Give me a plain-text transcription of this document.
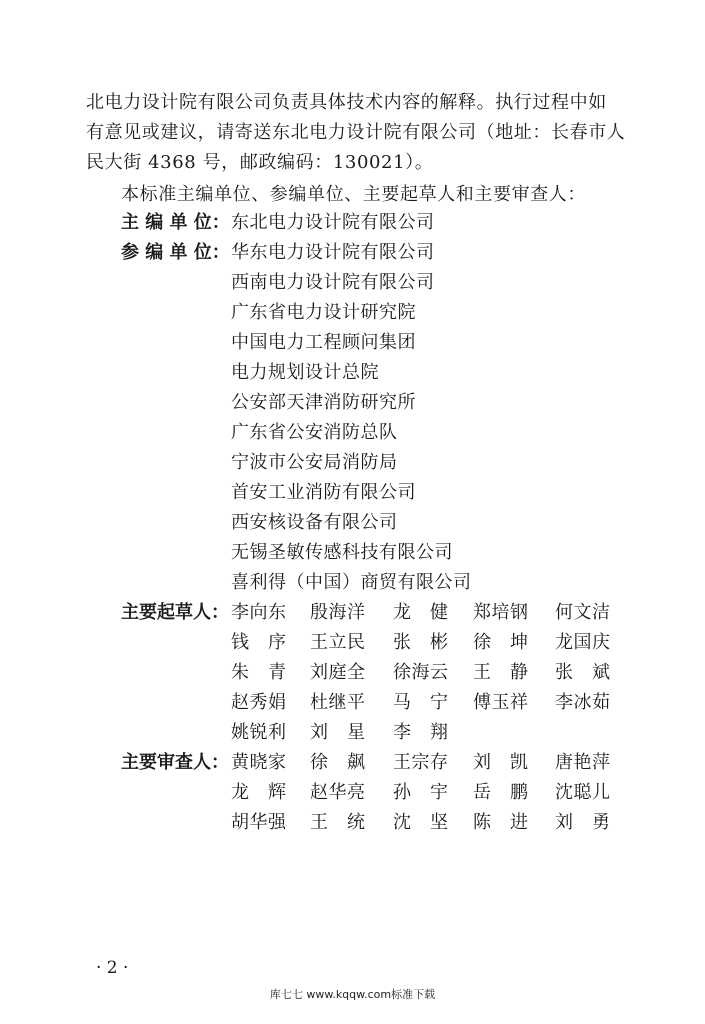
北电力设计院有限公司负责具体技术内容的解释。执行过程中如
有意见或建议，请寄送东北电力设计院有限公司（地址：长春市人
民大街 4368 号，邮政编码：130021）。
本标准主编单位、参编单位、主要起草人和主要审查人：
主 编 单 位： 东北电力设计院有限公司
参 编 单 位： 华东电力设计院有限公司
西南电力设计院有限公司
广东省电力设计研究院
中国电力工程顾问集团
电力规划设计总院
公安部天津消防研究所
广东省公安消防总队
宁波市公安局消防局
首安工业消防有限公司
西安核设备有限公司
无锡圣敏传感科技有限公司
喜利得（中国）商贸有限公司
主要起草人： 李向东 殷海洋 龙　健 郑培钢 何文洁
钱　序 王立民 张　彬 徐　坤 龙国庆
朱　青 刘庭全 徐海云 王　静 张　斌
赵秀娟 杜继平 马　宁 傅玉祥 李冰茹
姚锐利 刘　星 李　翔
主要审查人： 黄晓家 徐　飙 王宗存 刘　凯 唐艳萍
龙　辉 赵华亮 孙　宇 岳　鹏 沈聪儿
胡华强 王　统 沈　坚 陈　进 刘　勇
· 2 ·
库七七 www.kqqw.com标准下载
